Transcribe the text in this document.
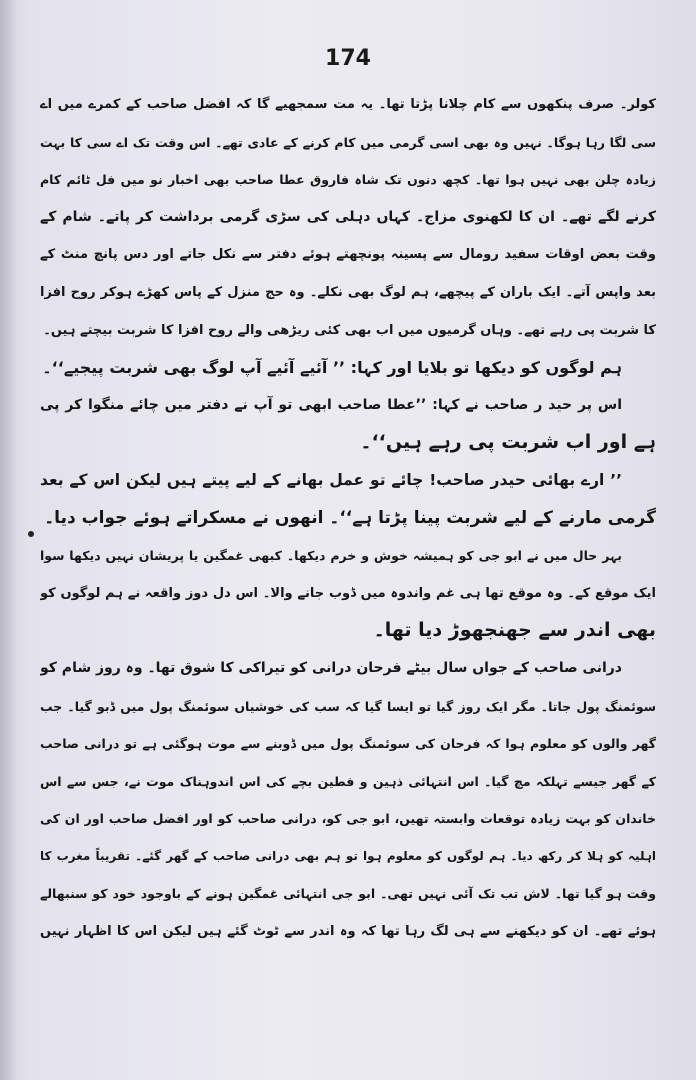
174

کولر۔ صرف پنکھوں سے کام چلانا پڑتا تھا۔ یہ مت سمجھیے گا کہ افضل صاحب کے کمرے میں اے
سی لگا رہا ہوگا۔ نہیں وہ بھی اسی گرمی میں کام کرنے کے عادی تھے۔ اس وقت تک اے سی کا بہت
زیادہ چلن بھی نہیں ہوا تھا۔ کچھ دنوں تک شاہ فاروق عطا صاحب بھی اخبار نو میں فل ٹائم کام
کرنے لگے تھے۔ ان کا لکھنوی مزاج۔ کہاں دہلی کی سڑی گرمی برداشت کر پاتے۔ شام کے
وقت بعض اوقات سفید رومال سے پسینہ پونچھتے ہوئے دفتر سے نکل جاتے اور دس پانچ منٹ کے
بعد واپس آتے۔ ایک باران کے پیچھے، ہم لوگ بھی نکلے۔ وہ حج منزل کے پاس کھڑے ہوکر روح افزا
کا شربت پی رہے تھے۔ وہاں گرمیوں میں اب بھی کئی ریڑھی والے روح افزا کا شربت بیچتے ہیں۔
ہم لوگوں کو دیکھا تو بلایا اور کہا: ’’ آئیے آئیے آپ لوگ بھی شربت پیجیے‘‘۔
اس پر حید ر صاحب نے کہا: ’’عطا صاحب ابھی تو آپ نے دفتر میں چائے منگوا کر پی
ہے اور اب شربت پی رہے ہیں‘‘۔
’’ ارے بھائی حیدر صاحب! چائے تو عمل بھانے کے لیے پیتے ہیں لیکن اس کے بعد
گرمی مارنے کے لیے شربت پینا پڑتا ہے‘‘۔ انھوں نے مسکراتے ہوئے جواب دیا۔
بہر حال میں نے ابو جی کو ہمیشہ خوش و خرم دیکھا۔ کبھی غمگین یا پریشان نہیں دیکھا سوا
ایک موقع کے۔ وہ موقع تھا ہی غم واندوہ میں ڈوب جانے والا۔ اس دل دوز واقعہ نے ہم لوگوں کو
بھی اندر سے جھنجھوڑ دیا تھا۔
درانی صاحب کے جواں سال بیٹے فرحان درانی کو تیراکی کا شوق تھا۔ وہ روز شام کو
سوئمنگ پول جاتا۔ مگر ایک روز گیا تو ایسا گیا کہ سب کی خوشیاں سوئمنگ پول میں ڈبو گیا۔ جب
گھر والوں کو معلوم ہوا کہ فرحان کی سوئمنگ پول میں ڈوبنے سے موت ہوگئی ہے تو درانی صاحب
کے گھر جیسے تہلکہ مچ گیا۔ اس انتہائی ذہین و فطین بچے کی اس اندوہناک موت نے، جس سے اس
خاندان کو بہت زیادہ توقعات وابستہ تھیں، ابو جی کو، درانی صاحب کو اور افضل صاحب اور ان کی
اہلیہ کو ہلا کر رکھ دیا۔ ہم لوگوں کو معلوم ہوا تو ہم بھی درانی صاحب کے گھر گئے۔ تقریباً مغرب کا
وقت ہو گیا تھا۔ لاش تب تک آئی نہیں تھی۔ ابو جی انتہائی غمگین ہونے کے باوجود خود کو سنبھالے
ہوئے تھے۔ ان کو دیکھنے سے ہی لگ رہا تھا کہ وہ اندر سے ٹوٹ گئے ہیں لیکن اس کا اظہار نہیں
